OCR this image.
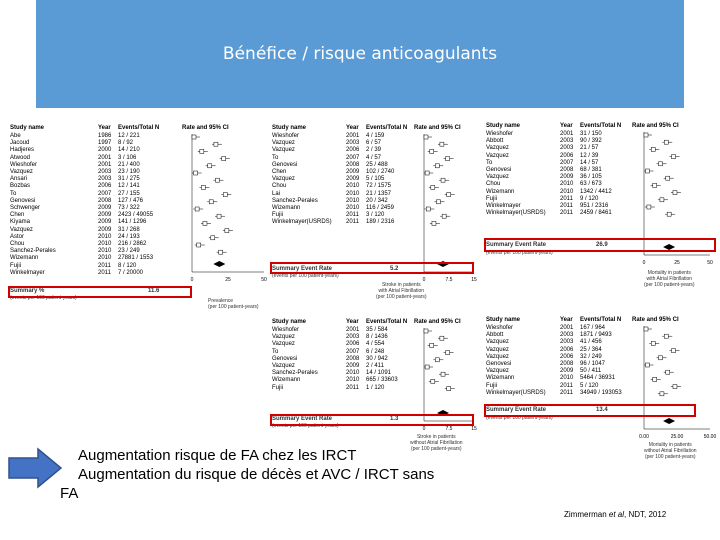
Bénéfice / risque anticoagulants
Study name	Year	Events/Total N	Rate and 95% CI
Abe	1986	12 / 221	
Jacoud	1997	8 / 92	
Hadjeres	2000	14 / 210	
Atwood	2001	3 / 106	
Wieshofer	2001	21 / 400	
Vazquez	2003	23 / 190	
Ansari	2003	31 / 275	
Bozbas	2006	12 / 141	
To	2007	27 / 155	
Genovesi	2008	127 / 476	
Schwenger	2009	73 / 322	
Chen	2009	2423 / 49055	
Kiyama	2009	141 / 1296	
Vazquez	2009	31 / 268	
Astor	2010	24 / 193	
Chou	2010	216 / 2862	
Sanchez-Perales	2010	23 / 249	
Wizemann	2010	27881 / 1553	
Fujii	2011	8 / 120	
Winkelmayer	2011	7 / 20000	
0	25	50
Summary %	11.6
(events per 100 patient-years)	Prevalence
(per 100 patient-years)
Study name	Year	Events/Total N	Rate and 95% CI
Wieshofer	2001	4 / 159	
Vazquez	2003	6 / 57	
Vazquez	2006	2 / 39	
To	2007	4 / 57	
Genovesi	2008	25 / 488	
Chen	2009	102 / 2740	
Vazquez	2009	5 / 105	
Chou	2010	72 / 1575	
Lai	2010	21 / 1357	
Sanchez-Perales	2010	20 / 342	
Wizemann	2010	116 / 2459	
Fujii	2011	3 / 120	
Winkelmayer(USRDS)	2011	189 / 2316	
0	7.5	15
Summary Event Rate	5.2
(events per 100 patient-years)
Stroke in patients
with Atrial Fibrillation
(per 100 patient-years)
Study name	Year	Events/Total N	Rate and 95% CI
Wieshofer	2001	31 / 150	
Abbott	2003	90 / 392	
Vazquez	2003	21 / 57	
Vazquez	2006	12 / 39	
To	2007	14 / 57	
Genovesi	2008	68 / 381	
Vazquez	2009	36 / 105	
Chou	2010	63 / 673	
Wizemann	2010	1342 / 4412	
Fujii	2011	9 / 120	
Winkelmayer	2011	951 / 2316	
Winkelmayer(USRDS)	2011	2459 / 8461	
0	25	50
Summary Event Rate	26.9
(events per 100 patient-years)
Mortality in patients
with Atrial Fibrillation
(per 100 patient-years)
Study name	Year	Events/Total N	Rate and 95% CI
Wieshofer	2001	35 / 584	
Vazquez	2003	8 / 1436	
Vazquez	2006	4 / 554	
To	2007	6 / 248	
Genovesi	2008	30 / 942	
Vazquez	2009	2 / 411	
Sanchez-Perales	2010	14 / 1091	
Wizemann	2010	665 / 33603	
Fujii	2011	1 / 120	
0	7.5	15
Summary Event Rate	1.3
(events per 100 patient-years)
Stroke in patients
without Atrial Fibrillation
(per 100 patient-years)
Study name	Year	Events/Total N	Rate and 95% CI
Wieshofer	2001	167 / 964	
Abbott	2003	1871 / 9493	
Vazquez	2003	41 / 456	
Vazquez	2006	25 / 364	
Vazquez	2006	32 / 249	
Genovesi	2008	96 / 1047	
Vazquez	2009	50 / 411	
Wizemann	2010	5464 / 36931	
Fujii	2011	5 / 120	
Winkelmayer(USRDS)	2011	34949 / 193053	
0.00	25.00	50.00
Summary Event Rate	13.4
(events per 100 patient-years)
Mortality in patients
without Atrial Fibrillation
(per 100 patient-years)
Augmentation risque de FA chez les IRCT
Augmentation du risque de décès et AVC / IRCT sans
FA
Zimmerman et al, NDT, 2012
